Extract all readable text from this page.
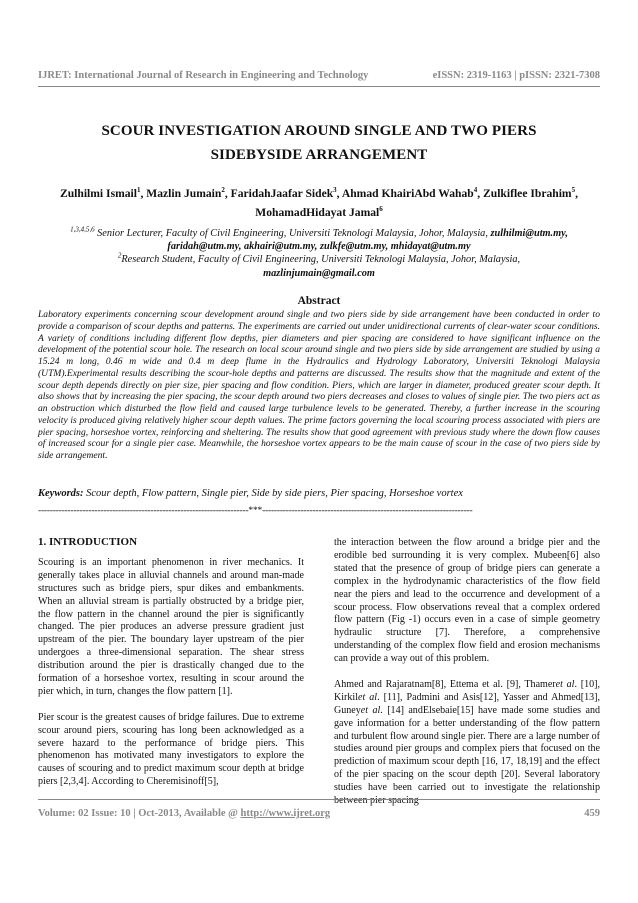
IJRET: International Journal of Research in Engineering and Technology	eISSN: 2319-1163 | pISSN: 2321-7308
SCOUR INVESTIGATION AROUND SINGLE AND TWO PIERS
SIDEBYSIDE ARRANGEMENT
Zulhilmi Ismail$^1$, Mazlin Jumain$^2$, FaridahJaafar Sidek$^3$, Ahmad KhairiAbd Wahab$^4$, Zulkiflee Ibrahim$^5$,
MohamadHidayat Jamal$^6$
$^{1,3,4,5,6}$ Senior Lecturer, Faculty of Civil Engineering, Universiti Teknologi Malaysia, Johor, Malaysia, zulhilmi@utm.my,
faridah@utm.my, akhairi@utm.my, zulkfe@utm.my, mhidayat@utm.my
$^2$Research Student, Faculty of Civil Engineering, Universiti Teknologi Malaysia, Johor, Malaysia,
mazlinjumain@gmail.com
Abstract
Laboratory experiments concerning scour development around single and two piers side by side arrangement have been conducted in order to provide a comparison of scour depths and patterns. The experiments are carried out under unidirectional currents of clear-water scour conditions. A variety of conditions including different flow depths, pier diameters and pier spacing are considered to have significant influence on the development of the potential scour hole. The research on local scour around single and two piers side by side arrangement are studied by using a 15.24 m long, 0.46 m wide and 0.4 m deep flume in the Hydraulics and Hydrology Laboratory, Universiti Teknologi Malaysia (UTM).Experimental results describing the scour-hole depths and patterns are discussed. The results show that the magnitude and extent of the scour depth depends directly on pier size, pier spacing and flow condition. Piers, which are larger in diameter, produced greater scour depth. It also shows that by increasing the pier spacing, the scour depth around two piers decreases and closes to values of single pier. The two piers act as an obstruction which disturbed the flow field and caused large turbulence levels to be generated. Thereby, a further increase in the scouring velocity is produced giving relatively higher scour depth values. The prime factors governing the local scouring process associated with piers are pier spacing, horseshoe vortex, reinforcing and sheltering. The results show that good agreement with previous study where the down flow causes of increased scour for a single pier case. Meanwhile, the horseshoe vortex appears to be the main cause of scour in the case of two piers side by side arrangement.
Keywords: Scour depth, Flow pattern, Single pier, Side by side piers, Pier spacing, Horseshoe vortex
-----------------------------------------------------------------------***-----------------------------------------------------------------------
1. INTRODUCTION

Scouring is an important phenomenon in river mechanics. It generally takes place in alluvial channels and around man-made structures such as bridge piers, spur dikes and embankments. When an alluvial stream is partially obstructed by a bridge pier, the flow pattern in the channel around the pier is significantly changed. The pier produces an adverse pressure gradient just upstream of the pier. The boundary layer upstream of the pier undergoes a three-dimensional separation. The shear stress distribution around the pier is drastically changed due to the formation of a horseshoe vortex, resulting in scour around the pier which, in turn, changes the flow pattern [1].

Pier scour is the greatest causes of bridge failures. Due to extreme scour around piers, scouring has long been acknowledged as a severe hazard to the performance of bridge piers. This phenomenon has motivated many investigators to explore the causes of scouring and to predict maximum scour depth at bridge piers [2,3,4]. According to Cheremisinoff[5],

the interaction between the flow around a bridge pier and the erodible bed surrounding it is very complex. Mubeen[6] also stated that the presence of group of bridge piers can generate a complex in the hydrodynamic characteristics of the flow field near the piers and lead to the occurrence and development of a scour process. Flow observations reveal that a complex ordered flow pattern (Fig -1) occurs even in a case of simple geometry hydraulic structure [7]. Therefore, a comprehensive understanding of the complex flow field and erosion mechanisms can provide a way out of this problem.

Ahmed and Rajaratnam[8], Ettema et al. [9], Thameret al. [10], Kirkilet al. [11], Padmini and Asis[12], Yasser and Ahmed[13], Guneyet al. [14] andElsebaie[15] have made some studies and gave information for a better understanding of the flow pattern and turbulent flow around single pier. There are a large number of studies around pier groups and complex piers that focused on the prediction of maximum scour depth [16, 17, 18,19] and the effect of the pier spacing on the scour depth [20]. Several laboratory studies have been carried out to investigate the relationship between pier spacing

Volume: 02 Issue: 10 | Oct-2013, Available @ http://www.ijret.org	459
